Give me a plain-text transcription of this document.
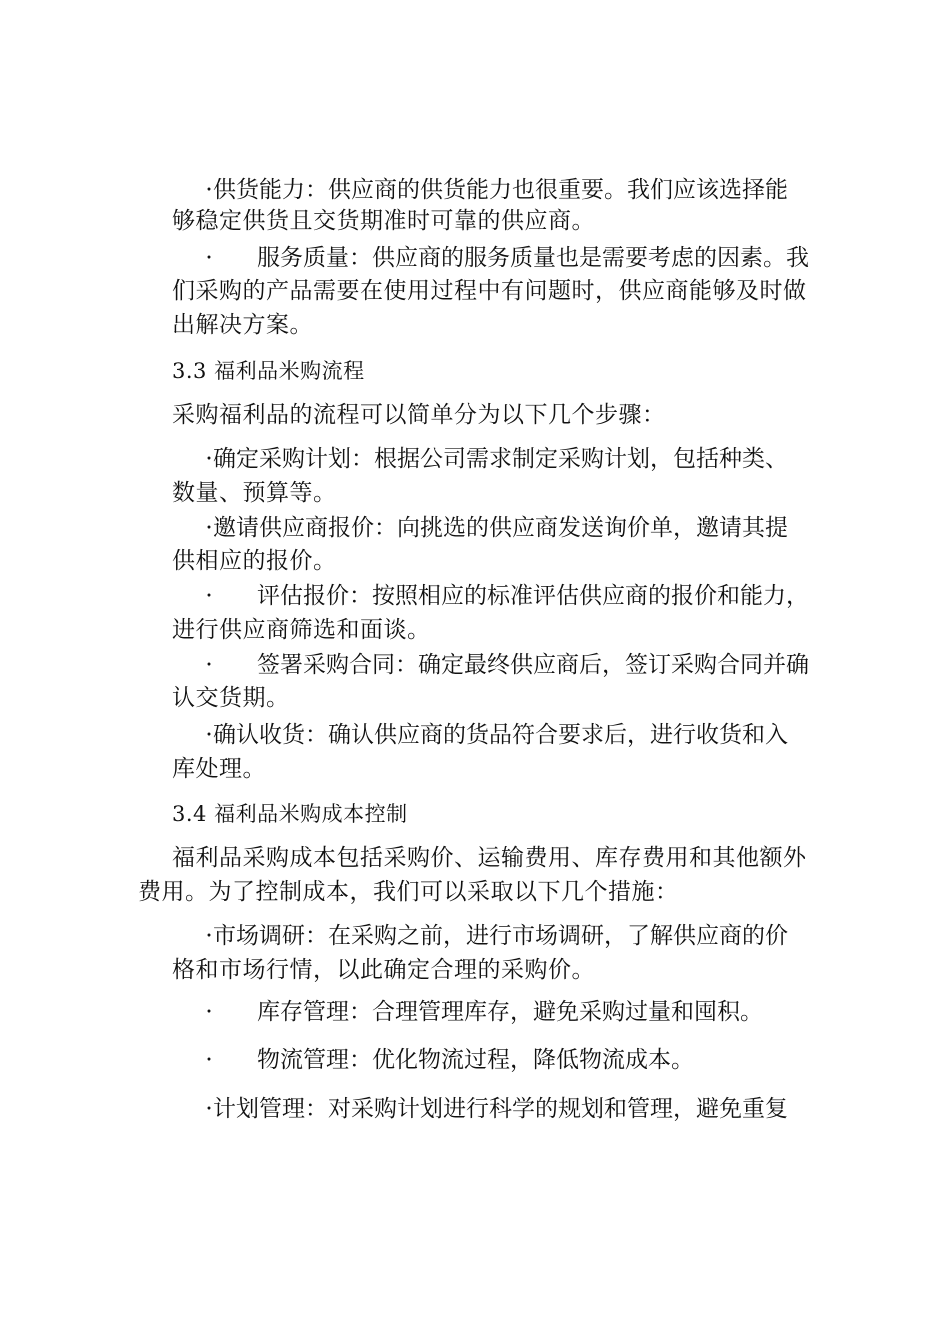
·供货能力：供应商的供货能力也很重要。我们应该选择能
够稳定供货且交货期准时可靠的供应商。
· 服务质量：供应商的服务质量也是需要考虑的因素。我
们采购的产品需要在使用过程中有问题时，供应商能够及时做
出解决方案。
3.3 福利品米购流程
采购福利品的流程可以简单分为以下几个步骤：
·确定采购计划：根据公司需求制定采购计划，包括种类、
数量、预算等。
·邀请供应商报价：向挑选的供应商发送询价单，邀请其提
供相应的报价。
· 评估报价：按照相应的标准评估供应商的报价和能力，
进行供应商筛选和面谈。
· 签署采购合同：确定最终供应商后，签订采购合同并确
认交货期。
·确认收货：确认供应商的货品符合要求后，进行收货和入
库处理。
3.4 福利品米购成本控制
福利品采购成本包括采购价、运输费用、库存费用和其他额外
费用。为了控制成本，我们可以采取以下几个措施：
·市场调研：在采购之前，进行市场调研，了解供应商的价
格和市场行情，以此确定合理的采购价。
· 库存管理：合理管理库存，避免采购过量和囤积。
· 物流管理：优化物流过程，降低物流成本。
·计划管理：对采购计划进行科学的规划和管理，避免重复
